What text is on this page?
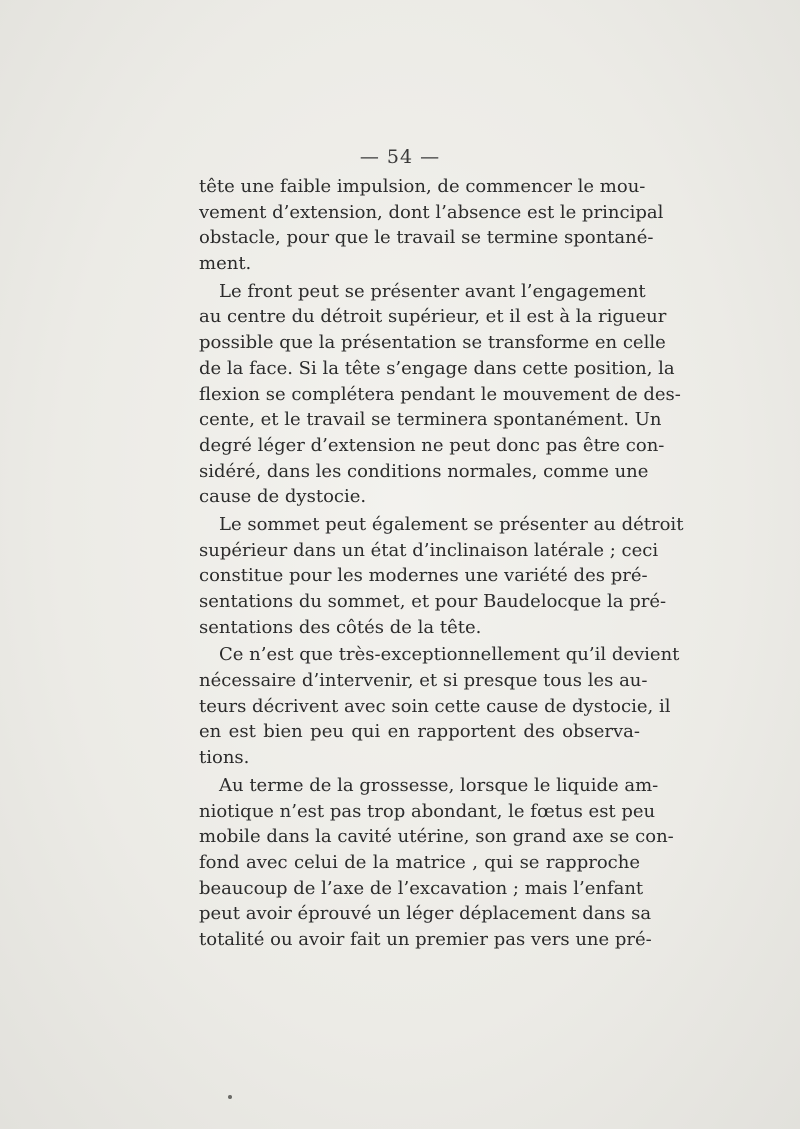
— 54 —
tête une faible impulsion, de commencer le mou-
vement d’extension, dont l’absence est le principal
obstacle, pour que le travail se termine spontané-
ment.
Le front peut se présenter avant l’engagement
au centre du détroit supérieur, et il est à la rigueur
possible que la présentation se transforme en celle
de la face. Si la tête s’engage dans cette position, la
flexion se complétera pendant le mouvement de des-
cente, et le travail se terminera spontanément. Un
degré léger d’extension ne peut donc pas être con-
sidéré, dans les conditions normales, comme une
cause de dystocie.
Le sommet peut également se présenter au détroit
supérieur dans un état d’inclinaison latérale ; ceci
constitue pour les modernes une variété des pré-
sentations du sommet, et pour Baudelocque la pré-
sentations des côtés de la tête.
Ce n’est que très-exceptionnellement qu’il devient
nécessaire d’intervenir, et si presque tous les au-
teurs décrivent avec soin cette cause de dystocie, il
en est bien peu qui en rapportent des observa-
tions.
Au terme de la grossesse, lorsque le liquide am-
niotique n’est pas trop abondant, le fœtus est peu
mobile dans la cavité utérine, son grand axe se con-
fond avec celui de la matrice , qui se rapproche
beaucoup de l’axe de l’excavation ; mais l’enfant
peut avoir éprouvé un léger déplacement dans sa
totalité ou avoir fait un premier pas vers une pré-
